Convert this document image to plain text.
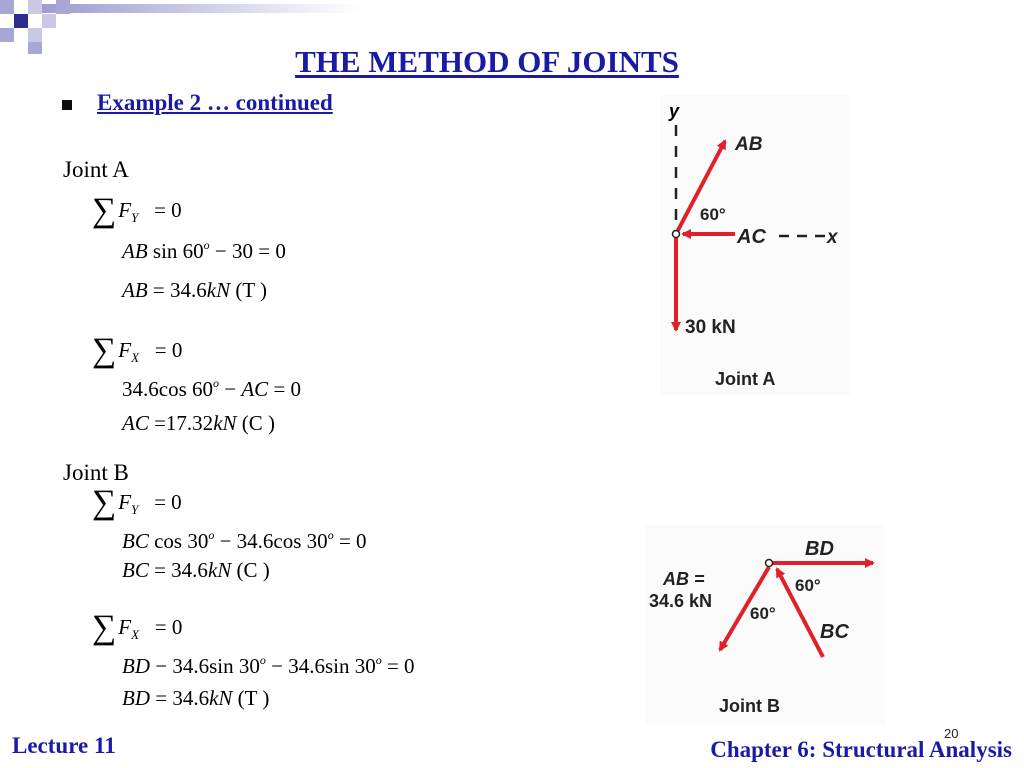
THE METHOD OF JOINTS
Example 2 … continued
Joint A
$\sum F_Y = 0$
AB $\sin 60^o - 30 = 0$
AB = 34.6kN (T )
$\sum F_X = 0$
34.6cos $60^o$ − AC = 0
AC =17.32kN (C )
Joint B
$\sum F_Y = 0$
BC $\cos 30^o - 34.6\cos$ $30^o = 0$
BC = 34.6kN (C )
$\sum F_X = 0$
BD − 34.6sin $30^o - 34.6\sin$ $30^o = 0$
BD = 34.6kN (T )
y
AB
60°
AC	x
30 kN
Joint A
BD
AB =
34.6 kN
BC
60°
60°
Joint B
20
Lecture 11	Chapter 6: Structural Analysis
